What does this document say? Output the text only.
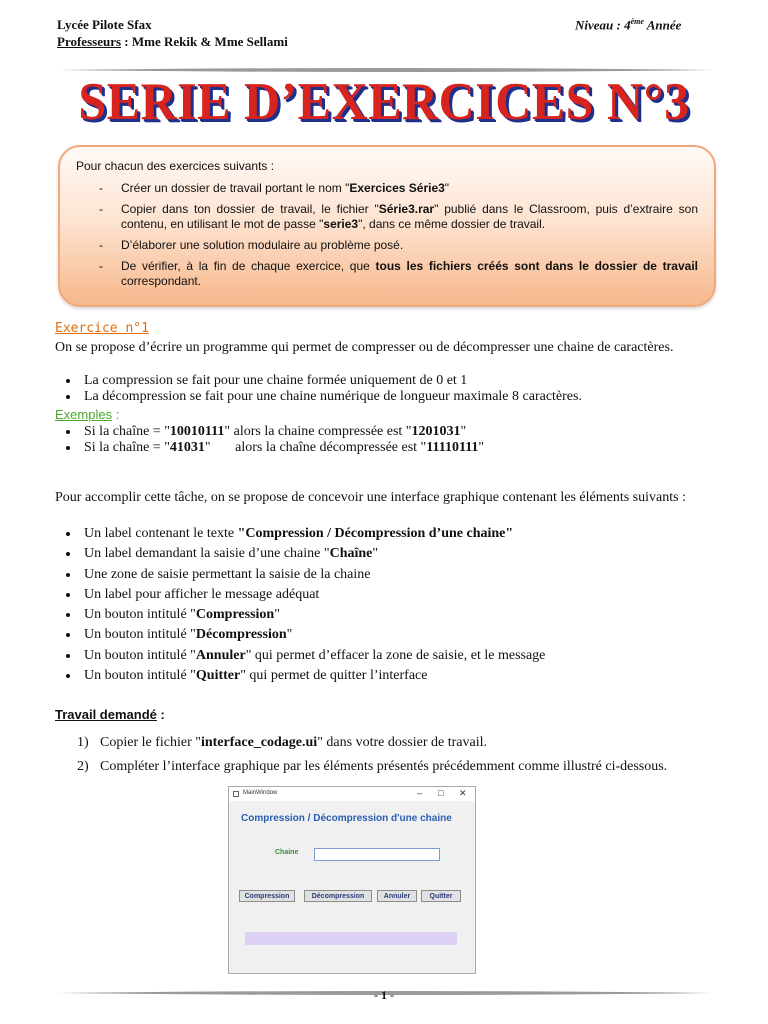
Lycée Pilote Sfax
Professeurs : Mme Rekik & Mme Sellami
Niveau : 4ème Année
SERIE D’EXERCICES N°3
Pour chacun des exercices suivants :
- Créer un dossier de travail portant le nom "Exercices Série3"
- Copier dans ton dossier de travail, le fichier "Série3.rar" publié dans le Classroom, puis d’extraire son contenu, en utilisant le mot de passe "serie3", dans ce même dossier de travail.
- D’élaborer une solution modulaire au problème posé.
- De vérifier, à la fin de chaque exercice, que tous les fichiers créés sont dans le dossier de travail correspondant.
Exercice n°1
On se propose d’écrire un programme qui permet de compresser ou de décompresser une chaine de caractères.
• La compression se fait pour une chaine formée uniquement de 0 et 1
• La décompression se fait pour une chaine numérique de longueur maximale 8 caractères.
Exemples :
• Si la chaîne = "10010111" alors la chaine compressée est "1201031"
• Si la chaîne = "41031"       alors la chaîne décompressée est "11110111"
Pour accomplir cette tâche, on se propose de concevoir une interface graphique contenant les éléments suivants :
• Un label contenant le texte "Compression / Décompression d’une chaine"
• Un label demandant la saisie d’une chaine "Chaîne"
• Une zone de saisie permettant la saisie de la chaine
• Un label pour afficher le message adéquat
• Un bouton intitulé "Compression"
• Un bouton intitulé "Décompression"
• Un bouton intitulé "Annuler" qui permet d’effacer la zone de saisie, et le message
• Un bouton intitulé "Quitter" qui permet de quitter l’interface
Travail demandé :
1) Copier le fichier "interface_codage.ui" dans votre dossier de travail.
2) Compléter l’interface graphique par les éléments présentés précédemment comme illustré ci-dessous.
MainWindow	– □ ✕
Compression / Décompression d'une chaine
Chaine
Compression	Décompression	Annuler	Quitter
- 1 -
